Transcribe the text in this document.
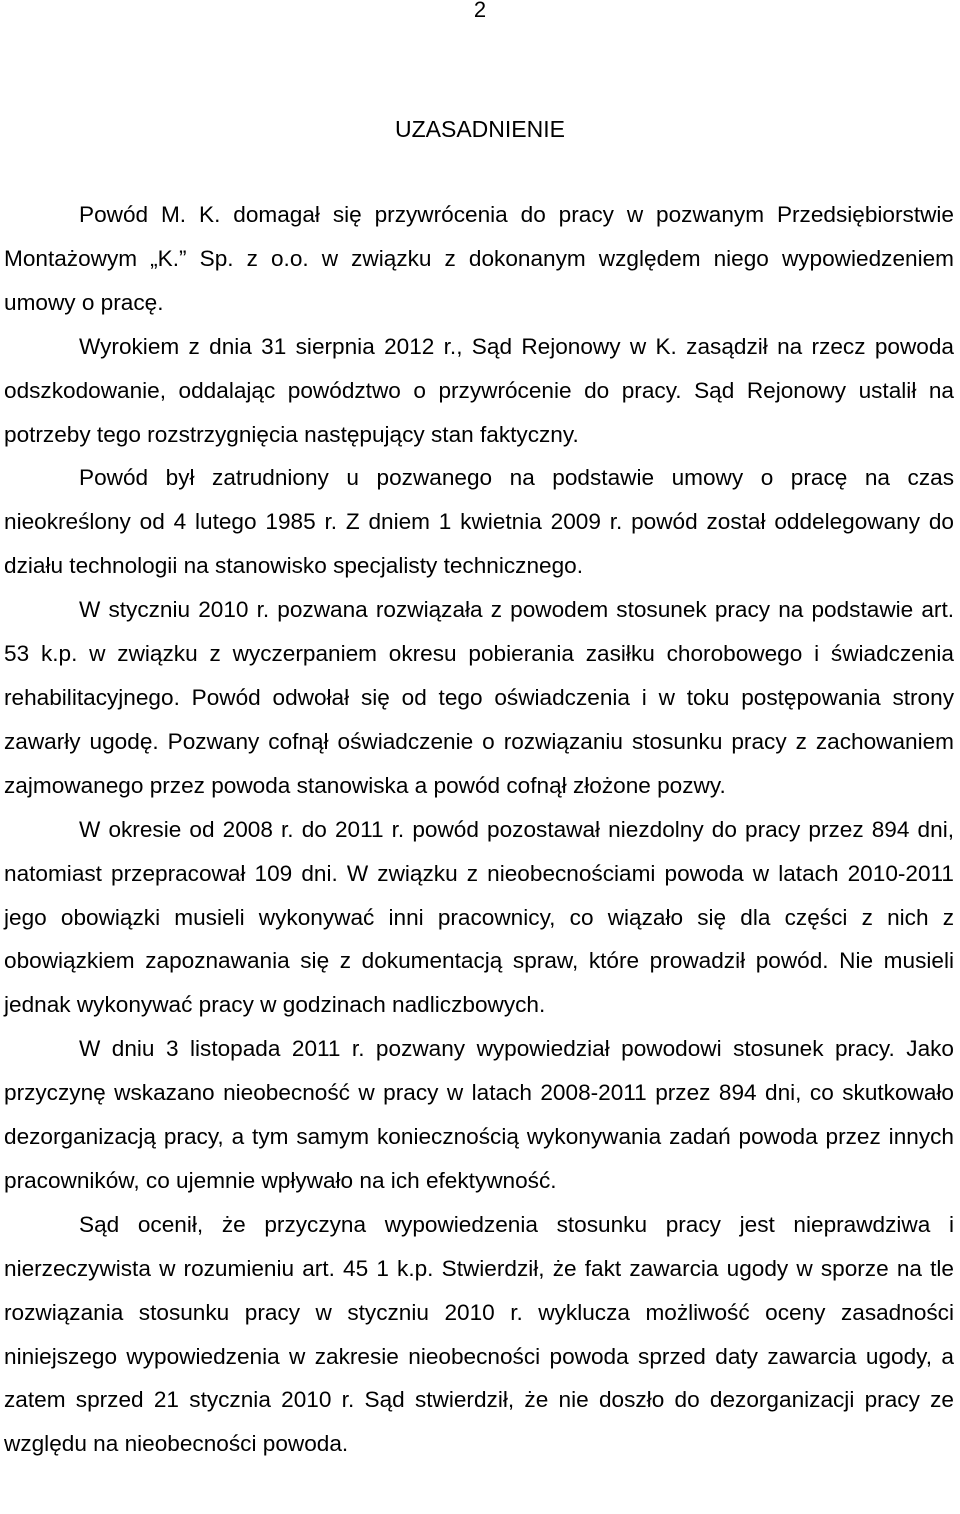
2
UZASADNIENIE

Powód M. K. domagał się przywrócenia do pracy w pozwanym Przedsiębiorstwie Montażowym „K.” Sp. z o.o. w związku z dokonanym względem niego wypowiedzeniem umowy o pracę.

Wyrokiem z dnia 31 sierpnia 2012 r., Sąd Rejonowy w K. zasądził na rzecz powoda odszkodowanie, oddalając powództwo o przywrócenie do pracy. Sąd Rejonowy ustalił na potrzeby tego rozstrzygnięcia następujący stan faktyczny.

Powód był zatrudniony u pozwanego na podstawie umowy o pracę na czas nieokreślony od 4 lutego 1985 r. Z dniem 1 kwietnia 2009 r. powód został oddelegowany do działu technologii na stanowisko specjalisty technicznego.

W styczniu 2010 r. pozwana rozwiązała z powodem stosunek pracy na podstawie art. 53 k.p. w związku z wyczerpaniem okresu pobierania zasiłku chorobowego i świadczenia rehabilitacyjnego. Powód odwołał się od tego oświadczenia i w toku postępowania strony zawarły ugodę. Pozwany cofnął oświadczenie o rozwiązaniu stosunku pracy z zachowaniem zajmowanego przez powoda stanowiska a powód cofnął złożone pozwy.

W okresie od 2008 r. do 2011 r. powód pozostawał niezdolny do pracy przez 894 dni, natomiast przepracował 109 dni. W związku z nieobecnościami powoda w latach 2010-2011 jego obowiązki musieli wykonywać inni pracownicy, co wiązało się dla części z nich z obowiązkiem zapoznawania się z dokumentacją spraw, które prowadził powód. Nie musieli jednak wykonywać pracy w godzinach nadliczbowych.

W dniu 3 listopada 2011 r. pozwany wypowiedział powodowi stosunek pracy. Jako przyczynę wskazano nieobecność w pracy w latach 2008-2011 przez 894 dni, co skutkowało dezorganizacją pracy, a tym samym koniecznością wykonywania zadań powoda przez innych pracowników, co ujemnie wpływało na ich efektywność.

Sąd ocenił, że przyczyna wypowiedzenia stosunku pracy jest nieprawdziwa i nierzeczywista w rozumieniu art. 45 1 k.p. Stwierdził, że fakt zawarcia ugody w sporze na tle rozwiązania stosunku pracy w styczniu 2010 r. wyklucza możliwość oceny zasadności niniejszego wypowiedzenia w zakresie nieobecności powoda sprzed daty zawarcia ugody, a zatem sprzed 21 stycznia 2010 r. Sąd stwierdził, że nie doszło do dezorganizacji pracy ze względu na nieobecności powoda.
